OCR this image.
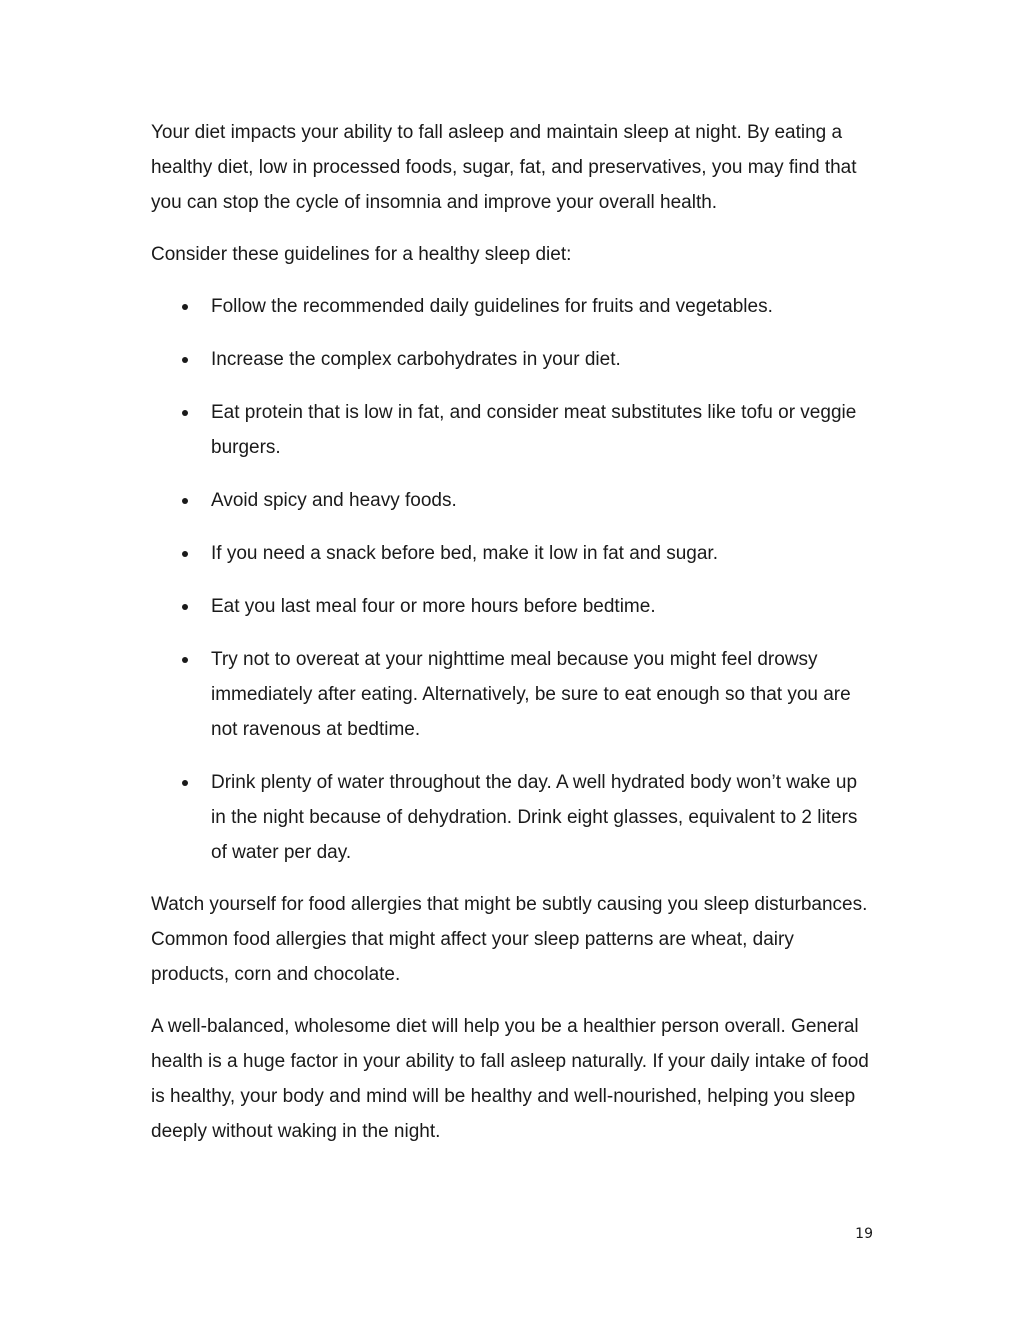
Your diet impacts your ability to fall asleep and maintain sleep at night. By eating a healthy diet, low in processed foods, sugar, fat, and preservatives, you may find that you can stop the cycle of insomnia and improve your overall health.

Consider these guidelines for a healthy sleep diet:

Follow the recommended daily guidelines for fruits and vegetables.
Increase the complex carbohydrates in your diet.
Eat protein that is low in fat, and consider meat substitutes like tofu or veggie burgers.
Avoid spicy and heavy foods.
If you need a snack before bed, make it low in fat and sugar.
Eat you last meal four or more hours before bedtime.
Try not to overeat at your nighttime meal because you might feel drowsy immediately after eating. Alternatively, be sure to eat enough so that you are not ravenous at bedtime.
Drink plenty of water throughout the day. A well hydrated body won’t wake up in the night because of dehydration. Drink eight glasses, equivalent to 2 liters of water per day.

Watch yourself for food allergies that might be subtly causing you sleep disturbances. Common food allergies that might affect your sleep patterns are wheat, dairy products, corn and chocolate.

A well-balanced, wholesome diet will help you be a healthier person overall. General health is a huge factor in your ability to fall asleep naturally. If your daily intake of food is healthy, your body and mind will be healthy and well-nourished, helping you sleep deeply without waking in the night.

19
